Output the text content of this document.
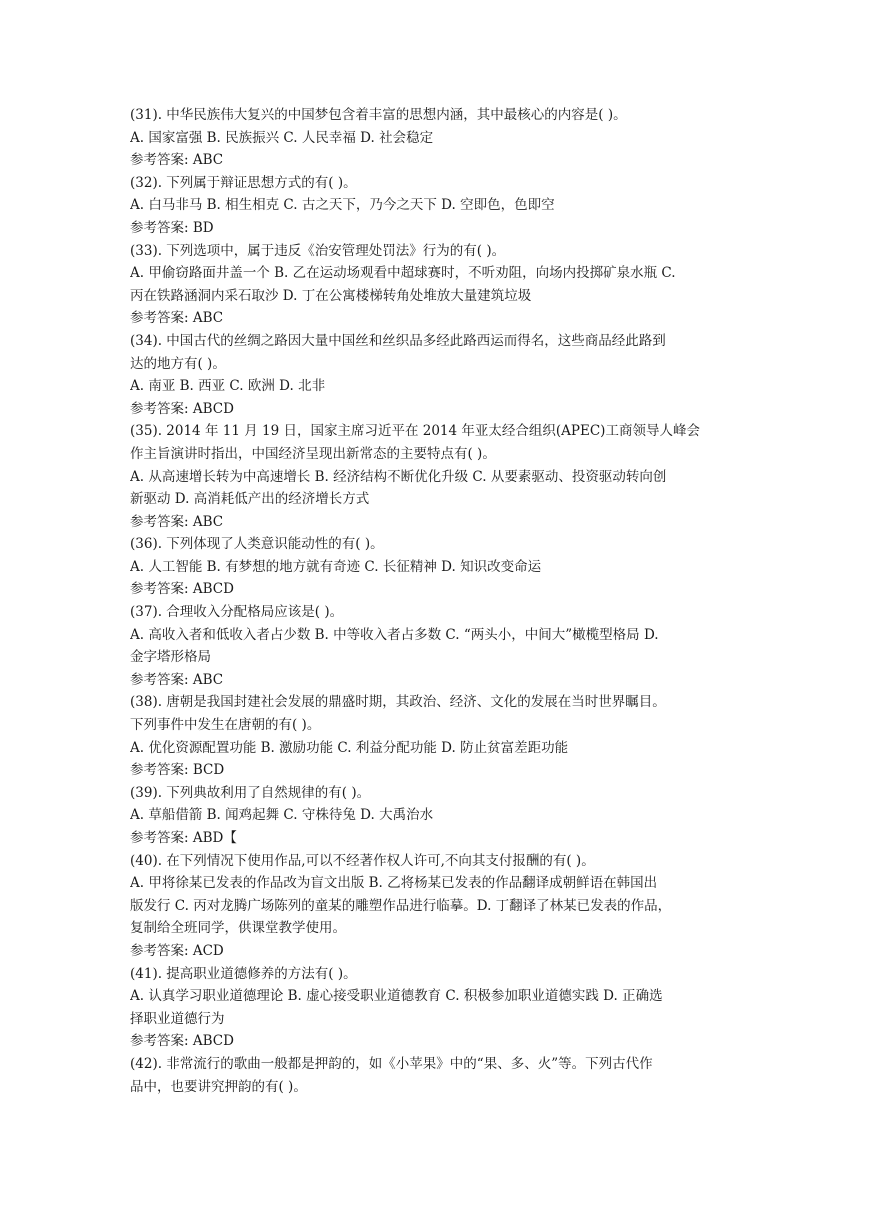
(31). 中华民族伟大复兴的中国梦包含着丰富的思想内涵，其中最核心的内容是( )。
A. 国家富强 B. 民族振兴 C. 人民幸福 D. 社会稳定
参考答案: ABC
(32). 下列属于辩证思想方式的有( )。
A. 白马非马 B. 相生相克 C. 古之天下，乃今之天下 D. 空即色，色即空
参考答案: BD
(33). 下列选项中，属于违反《治安管理处罚法》行为的有( )。
A. 甲偷窃路面井盖一个 B. 乙在运动场观看中超球赛时，不听劝阻，向场内投掷矿泉水瓶 C.
丙在铁路涵洞内采石取沙 D. 丁在公寓楼梯转角处堆放大量建筑垃圾
参考答案: ABC
(34). 中国古代的丝绸之路因大量中国丝和丝织品多经此路西运而得名，这些商品经此路到
达的地方有( )。
A. 南亚 B. 西亚 C. 欧洲 D. 北非
参考答案: ABCD
(35). 2014 年 11 月 19 日，国家主席习近平在 2014 年亚太经合组织(APEC)工商领导人峰会
作主旨演讲时指出，中国经济呈现出新常态的主要特点有( )。
A. 从高速增长转为中高速增长 B. 经济结构不断优化升级 C. 从要素驱动、投资驱动转向创
新驱动 D. 高消耗低产出的经济增长方式
参考答案: ABC
(36). 下列体现了人类意识能动性的有( )。
A. 人工智能 B. 有梦想的地方就有奇迹 C. 长征精神 D. 知识改变命运
参考答案: ABCD
(37). 合理收入分配格局应该是( )。
A. 高收入者和低收入者占少数 B. 中等收入者占多数 C. “两头小，中间大”橄榄型格局 D.
金字塔形格局
参考答案: ABC
(38). 唐朝是我国封建社会发展的鼎盛时期，其政治、经济、文化的发展在当时世界瞩目。
下列事件中发生在唐朝的有( )。
A. 优化资源配置功能 B. 激励功能 C. 利益分配功能 D. 防止贫富差距功能
参考答案: BCD
(39). 下列典故利用了自然规律的有( )。
A. 草船借箭 B. 闻鸡起舞 C. 守株待兔 D. 大禹治水
参考答案: ABD【
(40). 在下列情况下使用作品,可以不经著作权人许可,不向其支付报酬的有( )。
A. 甲将徐某已发表的作品改为盲文出版 B. 乙将杨某已发表的作品翻译成朝鲜语在韩国出
版发行 C. 丙对龙腾广场陈列的童某的雕塑作品进行临摹。D. 丁翻译了林某已发表的作品，
复制给全班同学，供课堂教学使用。
参考答案: ACD
(41). 提高职业道德修养的方法有( )。
A. 认真学习职业道德理论 B. 虚心接受职业道德教育 C. 积极参加职业道德实践 D. 正确选
择职业道德行为
参考答案: ABCD
(42). 非常流行的歌曲一般都是押韵的，如《小苹果》中的“果、多、火”等。下列古代作
品中，也要讲究押韵的有( )。
